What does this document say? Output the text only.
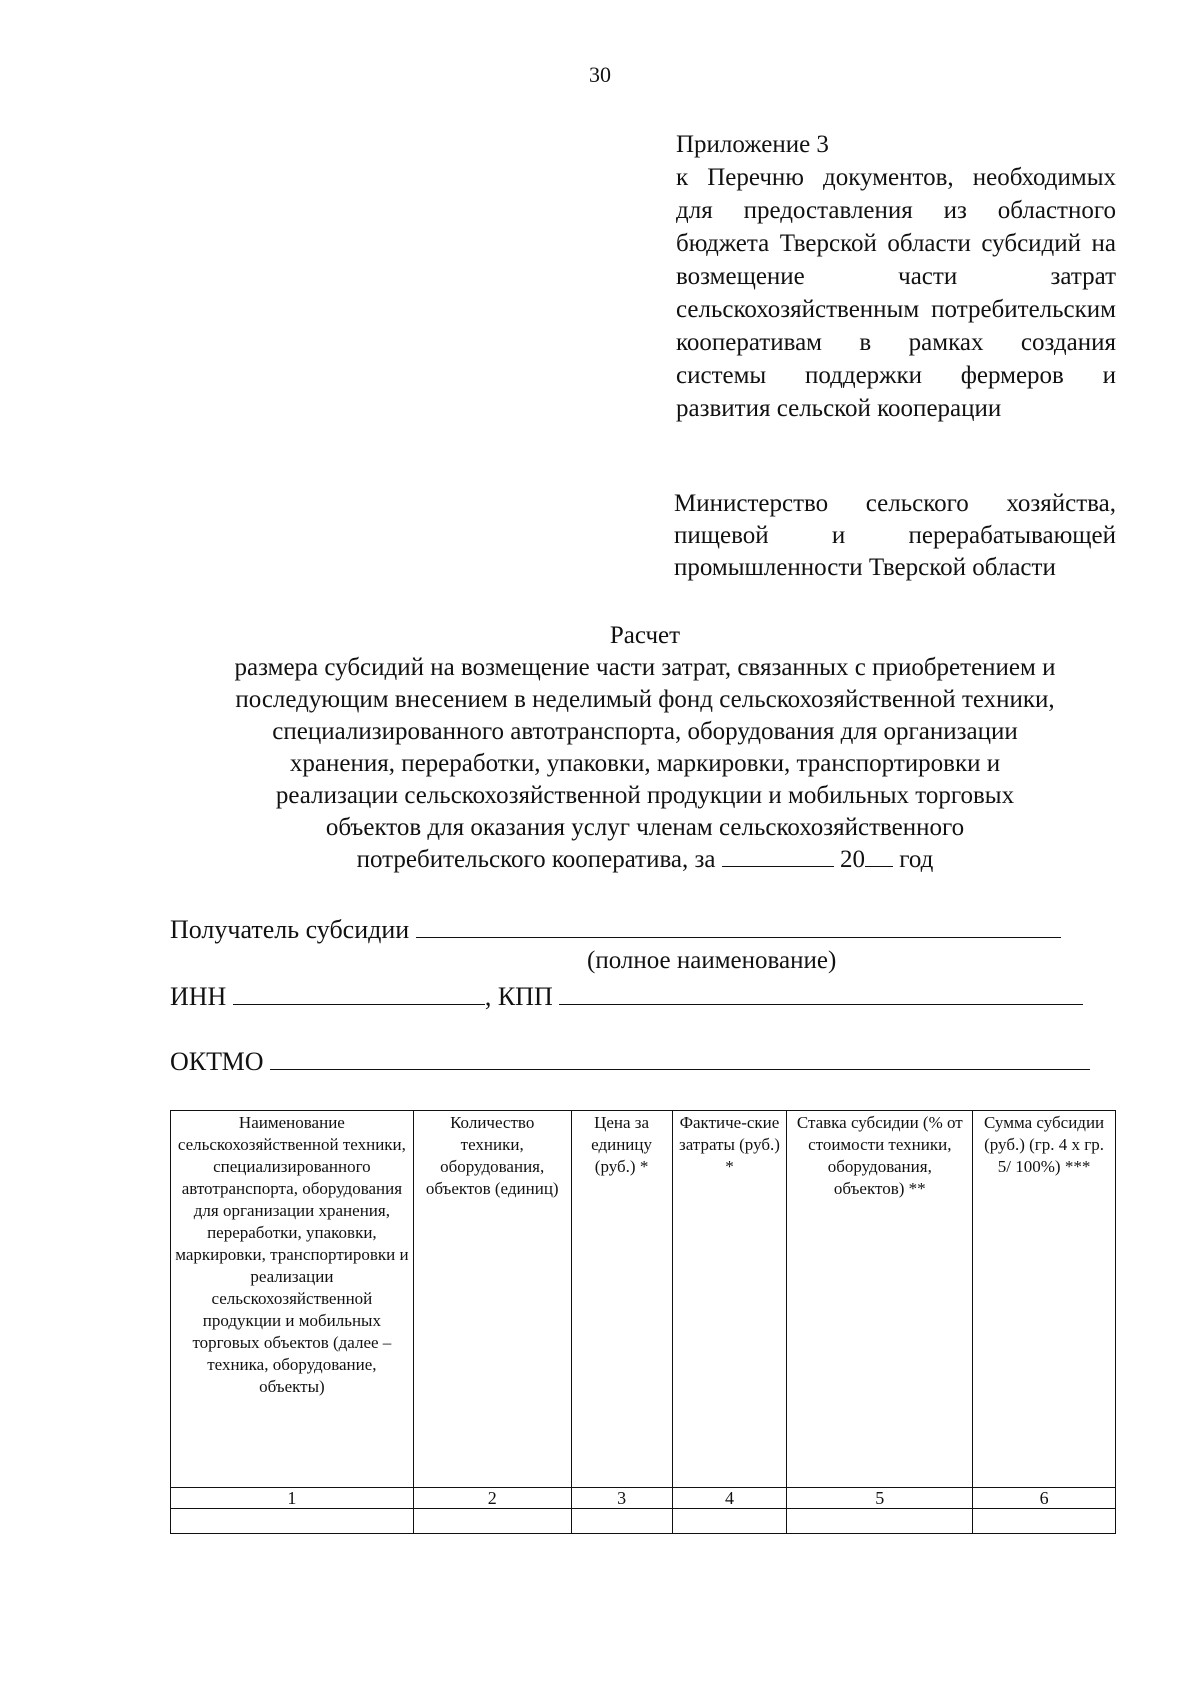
30
Приложение 3
к Перечню документов, необходимых для предоставления из областного бюджета Тверской области субсидий на возмещение части затрат сельскохозяйственным потребительским кооперативам в рамках создания системы поддержки фермеров и развития сельской кооперации
Министерство сельского хозяйства, пищевой и перерабатывающей промышленности Тверской области
Расчет
размера субсидий на возмещение части затрат, связанных с приобретением и
последующим внесением в неделимый фонд сельскохозяйственной техники,
специализированного автотранспорта, оборудования для организации
хранения, переработки, упаковки, маркировки, транспортировки и
реализации сельскохозяйственной продукции и мобильных торговых
объектов для оказания услуг членам сельскохозяйственного
потребительского кооператива, за	20 год
Получатель субсидии
(полное наименование)
ИНН	, КПП
ОКТМО
Наименование сельскохозяйственной техники, специализированного автотранспорта, оборудования для организации хранения, переработки, упаковки, маркировки, транспортировки и реализации сельскохозяйственной продукции и мобильных торговых объектов (далее – техника, оборудование, объекты)	Количество техники, оборудования, объектов (единиц)	Цена за единицу (руб.) *	Фактиче-ские затраты (руб.) *	Ставка субсидии (% от стоимости техники, оборудования, объектов) **	Сумма субсидии (руб.) (гр. 4 х гр. 5/ 100%) ***
1	2	3	4	5	6
